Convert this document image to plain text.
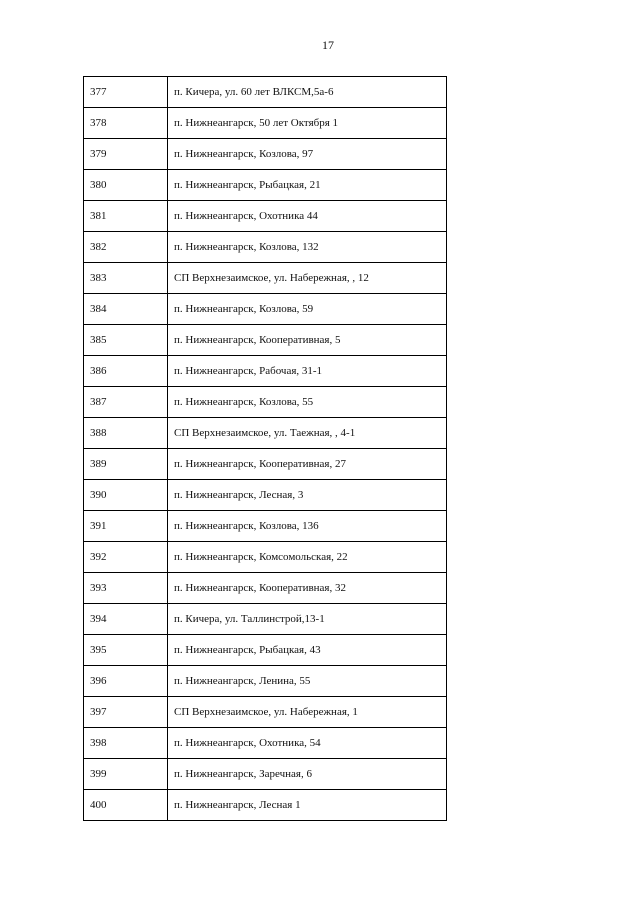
17
377	п. Кичера, ул. 60 лет ВЛКСМ,5а-6
378	п. Нижнеангарск, 50 лет Октября 1
379	п. Нижнеангарск, Козлова, 97
380	п. Нижнеангарск, Рыбацкая, 21
381	п. Нижнеангарск, Охотника 44
382	п. Нижнеангарск, Козлова, 132
383	СП Верхнезаимское, ул. Набережная, , 12
384	п. Нижнеангарск, Козлова, 59
385	п. Нижнеангарск, Кооперативная, 5
386	п. Нижнеангарск, Рабочая, 31-1
387	п. Нижнеангарск, Козлова, 55
388	СП Верхнезаимское, ул. Таежная, , 4-1
389	п. Нижнеангарск, Кооперативная, 27
390	п. Нижнеангарск, Лесная, 3
391	п. Нижнеангарск, Козлова, 136
392	п. Нижнеангарск, Комсомольская, 22
393	п. Нижнеангарск, Кооперативная, 32
394	п. Кичера, ул. Таллинстрой,13-1
395	п. Нижнеангарск, Рыбацкая, 43
396	п. Нижнеангарск, Ленина, 55
397	СП Верхнезаимское, ул. Набережная, 1
398	п. Нижнеангарск, Охотника, 54
399	п. Нижнеангарск, Заречная, 6
400	п. Нижнеангарск, Лесная 1
